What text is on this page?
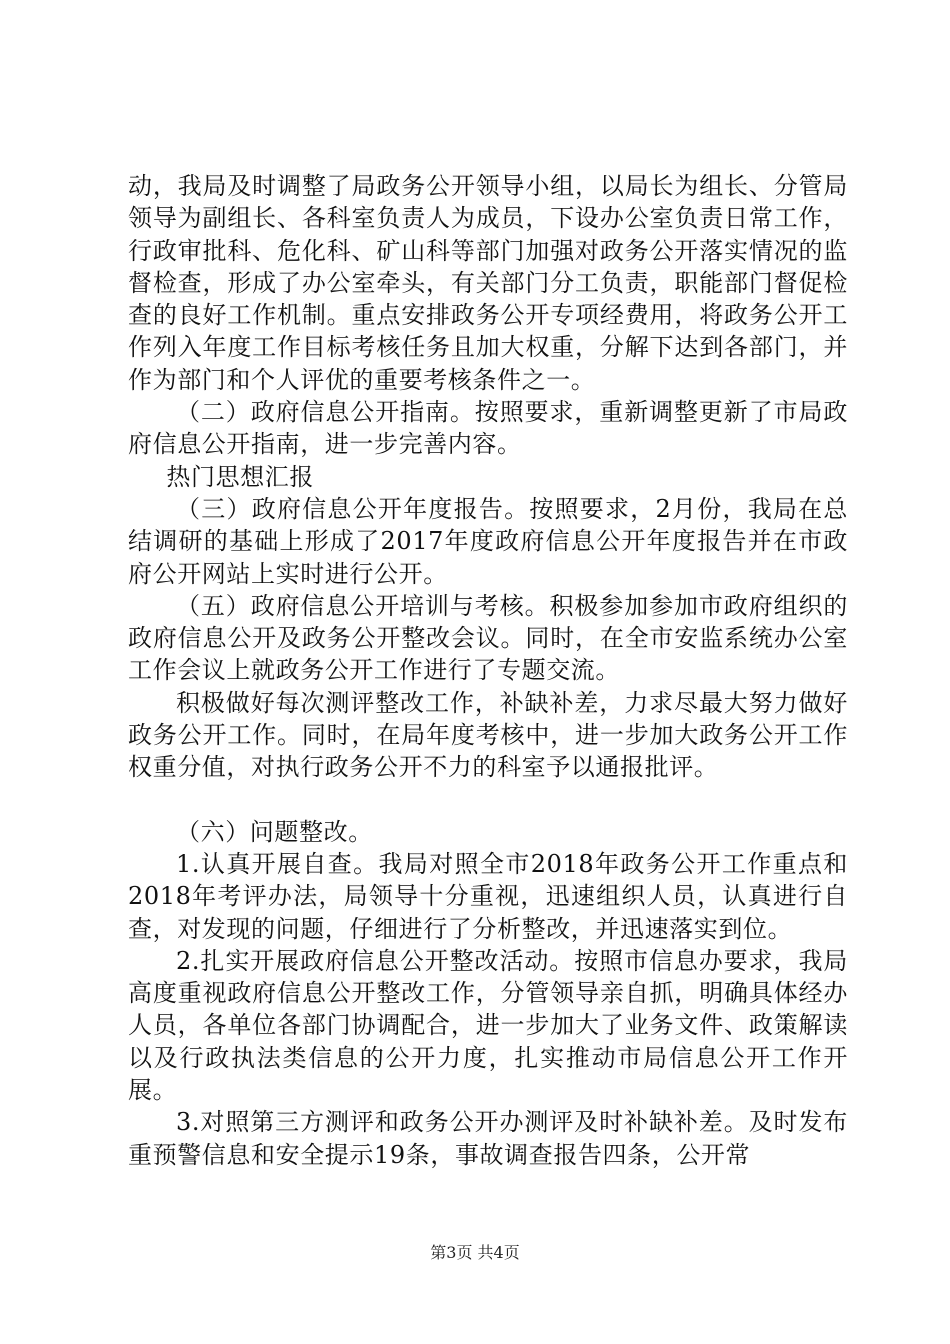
动，我局及时调整了局政务公开领导小组，以局长为组长、分管局领导为副组长、各科室负责人为成员，下设办公室负责日常工作，行政审批科、危化科、矿山科等部门加强对政务公开落实情况的监督检查，形成了办公室牵头，有关部门分工负责，职能部门督促检查的良好工作机制。重点安排政务公开专项经费用，将政务公开工作列入年度工作目标考核任务且加大权重，分解下达到各部门，并作为部门和个人评优的重要考核条件之一。

（二）政府信息公开指南。按照要求，重新调整更新了市局政府信息公开指南，进一步完善内容。

热门思想汇报

（三）政府信息公开年度报告。按照要求，2月份，我局在总结调研的基础上形成了2017年度政府信息公开年度报告并在市政府公开网站上实时进行公开。

（五）政府信息公开培训与考核。积极参加参加市政府组织的政府信息公开及政务公开整改会议。同时，在全市安监系统办公室工作会议上就政务公开工作进行了专题交流。

积极做好每次测评整改工作，补缺补差，力求尽最大努力做好政务公开工作。同时，在局年度考核中，进一步加大政务公开工作权重分值，对执行政务公开不力的科室予以通报批评。

（六）问题整改。

1.认真开展自查。我局对照全市2018年政务公开工作重点和2018年考评办法，局领导十分重视，迅速组织人员，认真进行自查，对发现的问题，仔细进行了分析整改，并迅速落实到位。

2.扎实开展政府信息公开整改活动。按照市信息办要求，我局高度重视政府信息公开整改工作，分管领导亲自抓，明确具体经办人员，各单位各部门协调配合，进一步加大了业务文件、政策解读以及行政执法类信息的公开力度，扎实推动市局信息公开工作开展。

3.对照第三方测评和政务公开办测评及时补缺补差。及时发布重预警信息和安全提示19条，事故调查报告四条，公开常

第3页 共4页
